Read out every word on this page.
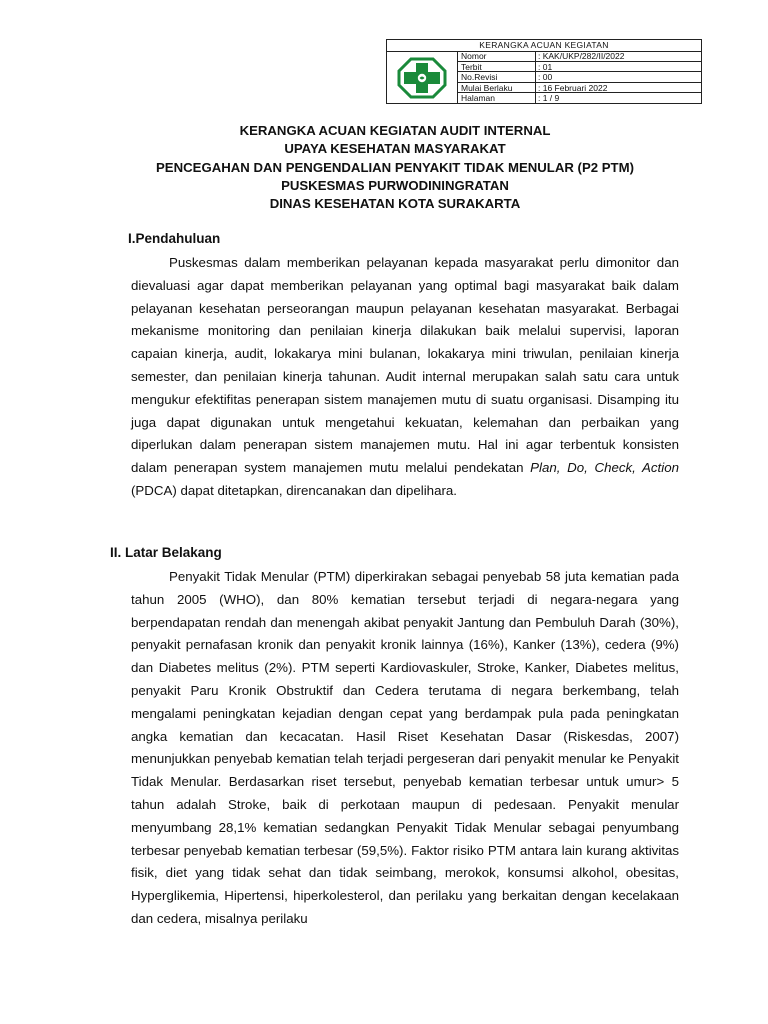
KERANGKA ACUAN KEGIATAN
Nomor	: KAK/UKP/282/II/2022
Terbit	: 01
No.Revisi	: 00
Mulai Berlaku	: 16 Februari 2022
Halaman	: 1 / 9
KERANGKA ACUAN KEGIATAN AUDIT INTERNAL
UPAYA KESEHATAN MASYARAKAT
PENCEGAHAN DAN PENGENDALIAN PENYAKIT TIDAK MENULAR (P2 PTM)
PUSKESMAS PURWODININGRATAN
DINAS KESEHATAN KOTA SURAKARTA
I.Pendahuluan
Puskesmas dalam memberikan pelayanan kepada masyarakat perlu dimonitor dan dievaluasi agar dapat memberikan pelayanan yang optimal bagi masyarakat baik dalam pelayanan kesehatan perseorangan maupun pelayanan kesehatan masyarakat. Berbagai mekanisme monitoring dan penilaian kinerja dilakukan baik melalui supervisi, laporan capaian kinerja, audit, lokakarya mini bulanan, lokakarya mini triwulan, penilaian kinerja semester, dan penilaian kinerja tahunan. Audit internal merupakan salah satu cara untuk mengukur efektifitas penerapan sistem manajemen mutu di suatu organisasi. Disamping itu juga dapat digunakan untuk mengetahui kekuatan, kelemahan dan perbaikan yang diperlukan dalam penerapan sistem manajemen mutu. Hal ini agar terbentuk konsisten dalam penerapan system manajemen mutu melalui pendekatan Plan, Do, Check, Action (PDCA) dapat ditetapkan, direncanakan dan dipelihara.
II. Latar Belakang
Penyakit Tidak Menular (PTM) diperkirakan sebagai penyebab 58 juta kematian pada tahun 2005 (WHO), dan 80% kematian tersebut terjadi di negara-negara yang berpendapatan rendah dan menengah akibat penyakit Jantung dan Pembuluh Darah (30%), penyakit pernafasan kronik dan penyakit kronik lainnya (16%), Kanker (13%), cedera (9%) dan Diabetes melitus (2%). PTM seperti Kardiovaskuler, Stroke, Kanker, Diabetes melitus, penyakit Paru Kronik Obstruktif dan Cedera terutama di negara berkembang, telah mengalami peningkatan kejadian dengan cepat yang berdampak pula pada peningkatan angka kematian dan kecacatan. Hasil Riset Kesehatan Dasar (Riskesdas, 2007) menunjukkan penyebab kematian telah terjadi pergeseran dari penyakit menular ke Penyakit Tidak Menular. Berdasarkan riset tersebut, penyebab kematian terbesar untuk umur> 5 tahun adalah Stroke, baik di perkotaan maupun di pedesaan. Penyakit menular menyumbang 28,1% kematian sedangkan Penyakit Tidak Menular sebagai penyumbang terbesar penyebab kematian terbesar (59,5%). Faktor risiko PTM antara lain kurang aktivitas fisik, diet yang tidak sehat dan tidak seimbang, merokok, konsumsi alkohol, obesitas, Hyperglikemia, Hipertensi, hiperkolesterol, dan perilaku yang berkaitan dengan kecelakaan dan cedera, misalnya perilaku
